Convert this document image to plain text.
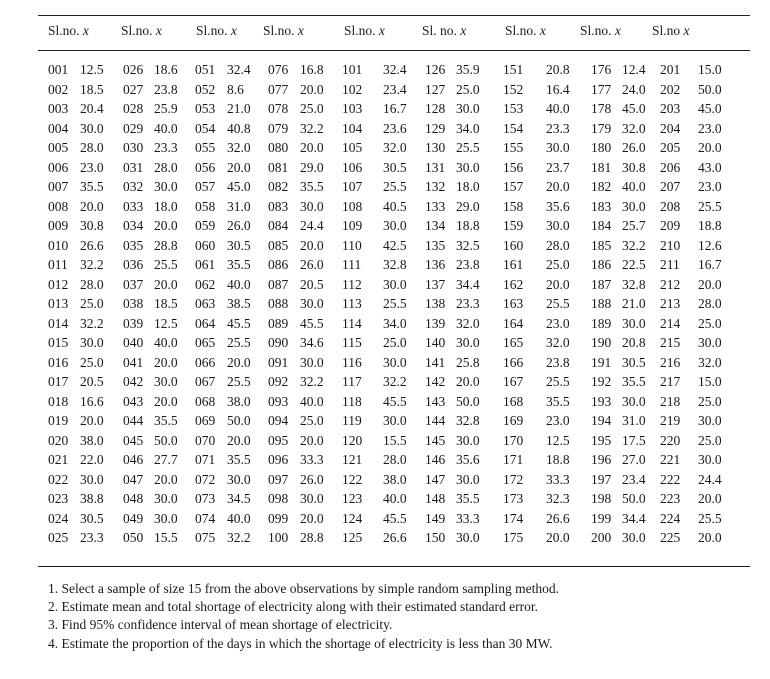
Sl.no. x Sl.no. x	Sl.no. x Sl.no. x	Sl.no. x	Sl. no. x	Sl.no. x	Sl.no. x Sl.no x
001 12.5 026 18.6 051 32.4 076 16.8 101 32.4 126 35.9 151 20.8 176 12.4 201 15.0
002 18.5 027 23.8 052 8.6 077 20.0 102 23.4 127 25.0 152 16.4 177 24.0 202 50.0
003 20.4 028 25.9 053 21.0 078 25.0 103 16.7 128 30.0 153 40.0 178 45.0 203 45.0
004 30.0 029 40.0 054 40.8 079 32.2 104 23.6 129 34.0 154 23.3 179 32.0 204 23.0
005 28.0 030 23.3 055 32.0 080 20.0 105 32.0 130 25.5 155 30.0 180 26.0 205 20.0
006 23.0 031 28.0 056 20.0 081 29.0 106 30.5 131 30.0 156 23.7 181 30.8 206 43.0
007 35.5 032 30.0 057 45.0 082 35.5 107 25.5 132 18.0 157 20.0 182 40.0 207 23.0
008 20.0 033 18.0 058 31.0 083 30.0 108 40.5 133 29.0 158 35.6 183 30.0 208 25.5
009 30.8 034 20.0 059 26.0 084 24.4 109 30.0 134 18.8 159 30.0 184 25.7 209 18.8
010 26.6 035 28.8 060 30.5 085 20.0 110 42.5 135 32.5 160 28.0 185 32.2 210 12.6
011 32.2 036 25.5 061 35.5 086 26.0 111 32.8 136 23.8 161 25.0 186 22.5 211 16.7
012 28.0 037 20.0 062 40.0 087 20.5 112 30.0 137 34.4 162 20.0 187 32.8 212 20.0
013 25.0 038 18.5 063 38.5 088 30.0 113 25.5 138 23.3 163 25.5 188 21.0 213 28.0
014 32.2 039 12.5 064 45.5 089 45.5 114 34.0 139 32.0 164 23.0 189 30.0 214 25.0
015 30.0 040 40.0 065 25.5 090 34.6 115 25.0 140 30.0 165 32.0 190 20.8 215 30.0
016 25.0 041 20.0 066 20.0 091 30.0 116 30.0 141 25.8 166 23.8 191 30.5 216 32.0
017 20.5 042 30.0 067 25.5 092 32.2 117 32.2 142 20.0 167 25.5 192 35.5 217 15.0
018 16.6 043 20.0 068 38.0 093 40.0 118 45.5 143 50.0 168 35.5 193 30.0 218 25.0
019 20.0 044 35.5 069 50.0 094 25.0 119 30.0 144 32.8 169 23.0 194 31.0 219 30.0
020 38.0 045 50.0 070 20.0 095 20.0 120 15.5 145 30.0 170 12.5 195 17.5 220 25.0
021 22.0 046 27.7 071 35.5 096 33.3 121 28.0 146 35.6 171 18.8 196 27.0 221 30.0
022 30.0 047 20.0 072 30.0 097 26.0 122 38.0 147 30.0 172 33.3 197 23.4 222 24.4
023 38.8 048 30.0 073 34.5 098 30.0 123 40.0 148 35.5 173 32.3 198 50.0 223 20.0
024 30.5 049 30.0 074 40.0 099 20.0 124 45.5 149 33.3 174 26.6 199 34.4 224 25.5
025 23.3 050 15.5 075 32.2 100 28.8 125 26.6 150 30.0 175 20.0 200 30.0 225 20.0
1. Select a sample of size 15 from the above observations by simple random sampling method.
2. Estimate mean and total shortage of electricity along with their estimated standard error.
3. Find 95% confidence interval of mean shortage of electricity.
4. Estimate the proportion of the days in which the shortage of electricity is less than 30 MW.
